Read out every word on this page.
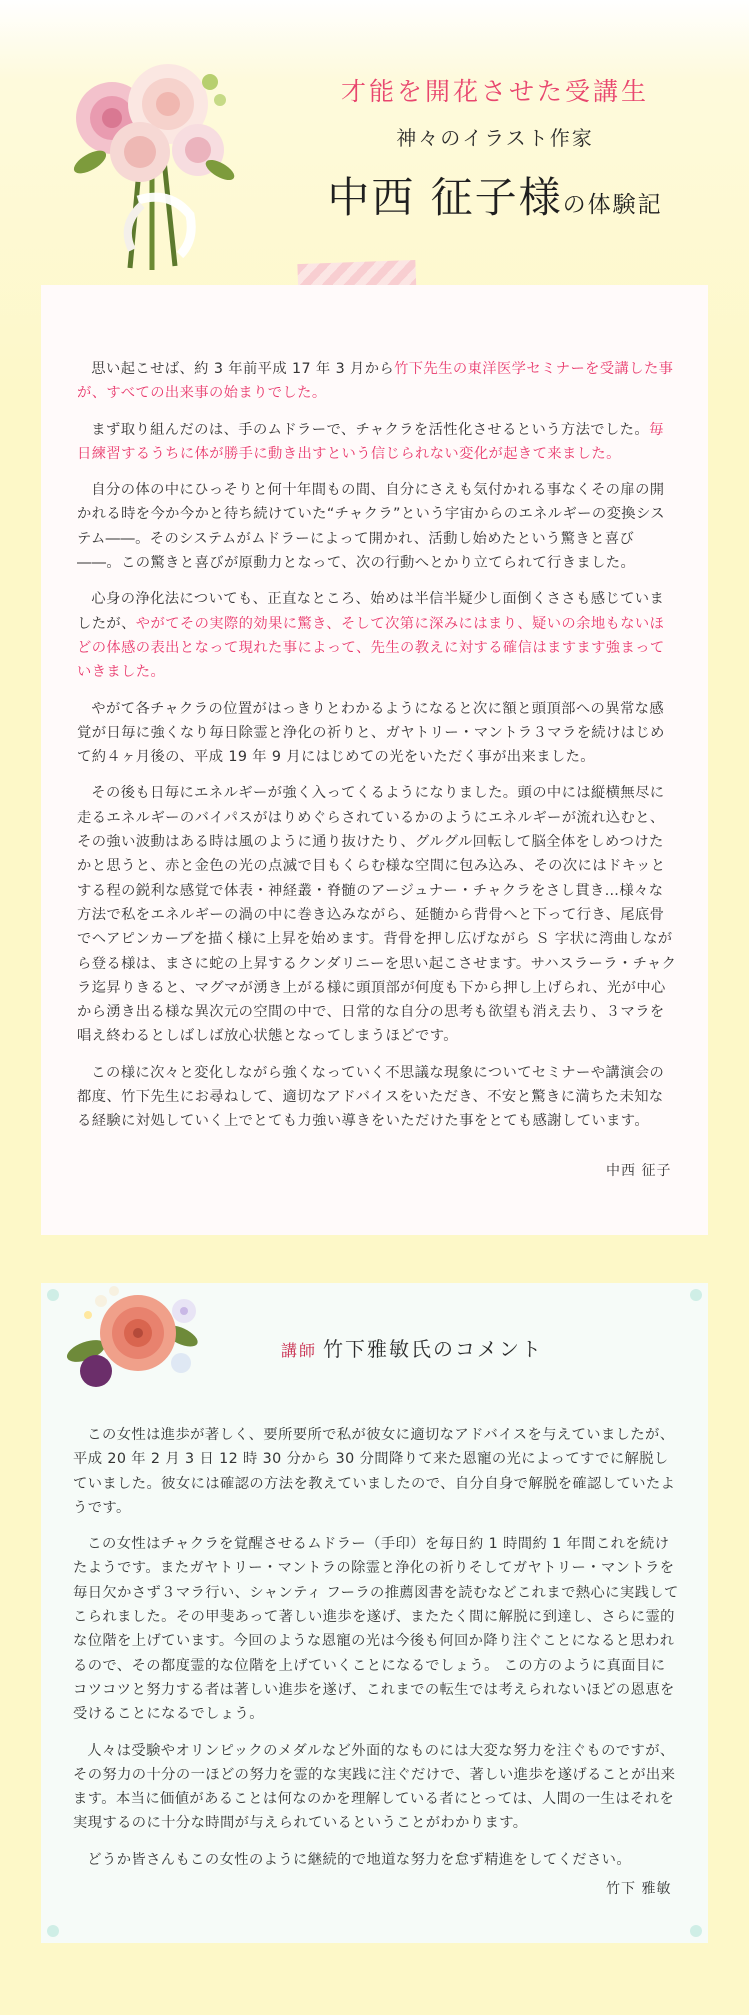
才能を開花させた受講生
神々のイラスト作家
中西 征子様の体験記

思い起こせば、約 3 年前平成 17 年 3 月から竹下先生の東洋医学セミナーを受講した事が、すべての出来事の始まりでした。

まず取り組んだのは、手のムドラーで、チャクラを活性化させるという方法でした。毎日練習するうちに体が勝手に動き出すという信じられない変化が起きて来ました。

自分の体の中にひっそりと何十年間もの間、自分にさえも気付かれる事なくその扉の開かれる時を今か今かと待ち続けていた“チャクラ”という宇宙からのエネルギーの変換システム――。そのシステムがムドラーによって開かれ、活動し始めたという驚きと喜び――。この驚きと喜びが原動力となって、次の行動へとかり立てられて行きました。

心身の浄化法についても、正直なところ、始めは半信半疑少し面倒くささも感じていましたが、やがてその実際的効果に驚き、そして次第に深みにはまり、疑いの余地もないほどの体感の表出となって現れた事によって、先生の教えに対する確信はますます強まっていきました。

やがて各チャクラの位置がはっきりとわかるようになると次に額と頭頂部への異常な感覚が日毎に強くなり毎日除霊と浄化の祈りと、ガヤトリー・マントラ３マラを続けはじめて約４ヶ月後の、平成 19 年 9 月にはじめての光をいただく事が出来ました。

その後も日毎にエネルギーが強く入ってくるようになりました。頭の中には縦横無尽に走るエネルギーのバイパスがはりめぐらされているかのようにエネルギーが流れ込むと、その強い波動はある時は風のように通り抜けたり、グルグル回転して脳全体をしめつけたかと思うと、赤と金色の光の点滅で目もくらむ様な空間に包み込み、その次にはドキッとする程の鋭利な感覚で体表・神経叢・脊髄のアージュナー・チャクラをさし貫き…様々な方法で私をエネルギーの渦の中に巻き込みながら、延髄から背骨へと下って行き、尾底骨でヘアピンカーブを描く様に上昇を始めます。背骨を押し広げながら Ｓ 字状に湾曲しながら登る様は、まさに蛇の上昇するクンダリニーを思い起こさせます。サハスラーラ・チャクラ迄昇りきると、マグマが湧き上がる様に頭頂部が何度も下から押し上げられ、光が中心から湧き出る様な異次元の空間の中で、日常的な自分の思考も欲望も消え去り、３マラを唱え終わるとしばしば放心状態となってしまうほどです。

この様に次々と変化しながら強くなっていく不思議な現象についてセミナーや講演会の都度、竹下先生にお尋ねして、適切なアドバイスをいただき、不安と驚きに満ちた未知なる経験に対処していく上でとても力強い導きをいただけた事をとても感謝しています。

中西 征子
講師 竹下雅敏氏のコメント

この女性は進歩が著しく、要所要所で私が彼女に適切なアドバイスを与えていましたが、平成 20 年 2 月 3 日 12 時 30 分から 30 分間降りて来た恩寵の光によってすでに解脱していました。彼女には確認の方法を教えていましたので、自分自身で解脱を確認していたようです。

この女性はチャクラを覚醒させるムドラー（手印）を毎日約 1 時間約 1 年間これを続けたようです。またガヤトリー・マントラの除霊と浄化の祈りそしてガヤトリー・マントラを毎日欠かさず３マラ行い、シャンティ フーラの推薦図書を読むなどこれまで熱心に実践してこられました。その甲斐あって著しい進歩を遂げ、またたく間に解脱に到達し、さらに霊的な位階を上げています。今回のような恩寵の光は今後も何回か降り注ぐことになると思われるので、その都度霊的な位階を上げていくことになるでしょう。 この方のように真面目にコツコツと努力する者は著しい進歩を遂げ、これまでの転生では考えられないほどの恩恵を受けることになるでしょう。

人々は受験やオリンピックのメダルなど外面的なものには大変な努力を注ぐものですが、その努力の十分の一ほどの努力を霊的な実践に注ぐだけで、著しい進歩を遂げることが出来ます。本当に価値があることは何なのかを理解している者にとっては、人間の一生はそれを実現するのに十分な時間が与えられているということがわかります。

どうか皆さんもこの女性のように継続的で地道な努力を怠ず精進をしてください。

竹下 雅敏
